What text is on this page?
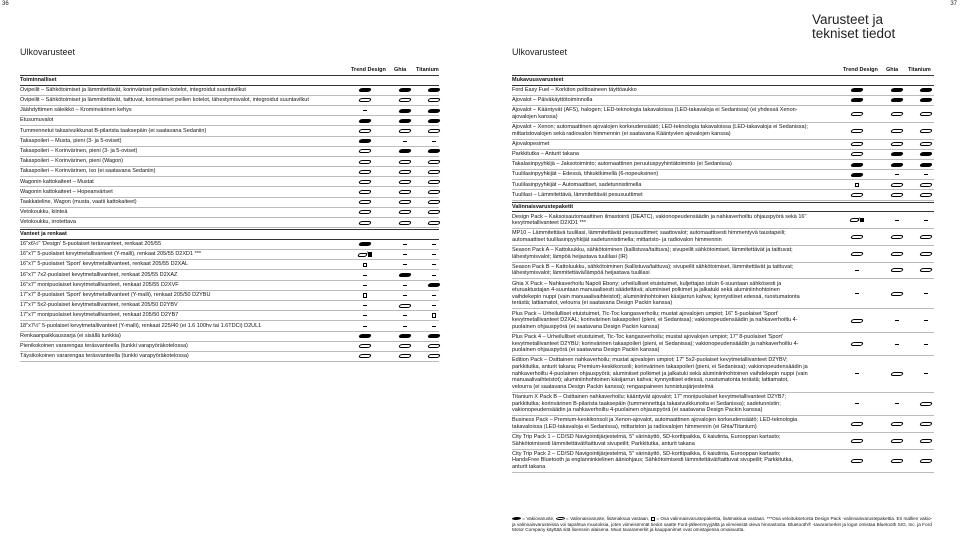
36	37
Varusteet ja tekniset tiedot
Ulkovarusteet	Ulkovarusteet
Trend Design Ghia Titanium
Toiminnalliset
Ovipeilit – Sähkötoimiset ja lämmitettävät, korinväriset peilien kotelot, integroidut suuntavilkut
Ovipeilit – Sähkötoimiset ja lämmitettävät, taittuvat, korinväriset peilien kotelot, lähestymisvalot, integroidut suuntavilkut
Jäähdyttimen säleikkö – Krominvärinen kehys
Etusumuvalot
Tummennetut takasivuikkunat B-pilarista taaksepäin (ei saatavana Sedaniin)
Takaspoileri – Musta, pieni (3- ja 5-oviset)
Takaspoileri – Korinvärinen, pieni (3- ja 5-oviset)
Takaspoileri – Korinvärinen, pieni (Wagon)
Takaspoileri – Korinvärinen, iso (ei saatavana Sedaniin)
Wagonin kattokaiteet – Mustat
Wagonin kattokaiteet – Hopeanväriset
Taakkateline, Wagon (musta, vaatii kattokaiteet)
Vetokoukku, kiinteä
Vetokoukku, irrotettava
Vanteet ja renkaat
16"x6½" 'Design' 5-puolaiset teräsvanteet, renkaat 205/55
16"x7" 5-puolaiset kevytmetallivanteet (Y-malli), renkaat 205/55 D2XD1 ***
16"x7" 5-puolaiset 'Sport' kevytmetallivanteet, renkaat 205/55 D2XAL
16"x7" 7x2-puolaiset kevytmetallivanteet, renkaat 205/55 D2XAZ
16"x7" monipuolaiset kevytmetallivanteet, renkaat 205/55 D2XVF
17"x7" 8-puolaiset 'Sport' kevytmetallivanteet (Y-malli), renkaat 205/50 D2YBU
17"x7" 5x2-puolaiset kevytmetallivanteet, renkaat 205/50 D2YBV
17"x7" monipuolaiset kevytmetallivanteet, renkaat 205/50 D2YB7
18"x7½" 5-puolaiset kevytmetallivanteet (Y-malli), renkaat 225/40 (ei 1.6 100hv tai 1.6TDCi) D2UL1
Renkaanpaikkaussarja (ei sisällä tunkkia)
Pienikokoinen vararengas teräsvanteella (tunkki varapyöräkotelossa)
Täysikokoinen vararengas teräsvanteella (tunkki varapyöräkotelossa)
Trend Design Ghia Titanium
Mukavuusvarusteet
Ford Easy Fuel – Korkiton polttoaineen täyttöaukko
Ajovalot – Päiväkäyttötoiminnolla
Ajovalot – Kääntyvät (AFS), halogen; LED-teknologia takavaloissa (LED-takavaloja ei Sedanissa) (ei yhdessä Xenon-ajovalojen kanssa)
Ajovalot – Xenon; automaattinen ajovalojen korkeudensäätö; LED-teknologia takavaloissa (LED-takavaloja ei Sedanissa); mittaristovalojen sekä radiovalon himmennin (ei saatavana Kääntyvien ajovalojen kanssa)
Ajovalopesimet
Parkkitutka – Anturit takana
Takalasinpyyhkijä – Jaksotoiminto; automaattinen peruutuspyyhintätoiminto (ei Sedanissa)
Tuulilasinpyyhkijät – Edessä, tihkuktkimellä (6-nopeuksinen)
Tuulilasinpyyhkijät – Automaattiset, sadetunnistimella
Tuulilasi – Lämmitettävä, lämmitettävät pesusuuttimet
Valinnaisvarustepaketit
Design Pack – Kaksoisautomaattinen ilmastointi (DEATC), vakionopeudensäädin ja nahkaverhoiltu ohjauspyörä sekä 16" kevytmetallivanteet D2XD1 ***
MP10 – Lämmitettävä tuulilasi, lämmitettävät pesusuuttimet; saattovalot; automaattisesti himmentyvä taustapeili; automaattiset tuulilasinpyyhkijät sadetunnistimella; mittaristo- ja radiovalon himmennin
Season Pack A – Kattoluukku, sähkötoiminen (kallistuva/taittuva); sivupeilit sähkötoimiset, lämmitettävät ja taittuvat; lähestymisvalot; lämpöä heijastava tuulilasi (IR)
Season Pack B – Kattoluukku, sähkötoiminen (kallistuva/taittuva); sivupeilit sähkötoimiset, lämmitettävät ja taittuvat; lähestymisvalot; lämmitettävä/lämpöä heijastava tuulilasi
Ghia X Pack – Nahkaverhoilu Napoli Ebony; urheilulliset etuistuimet, kuljettajan istuin 6-suuntaan sähkösesti ja eturuaktustajan 4-suuntaan manuaalisesti säädettävä; aluminiset polkimet ja jalkatuki sekä aluminiinhohtoinen vaihdekepin nuppi (vain manuaalivaihteistot); aluminiinhohtoinen käsijarrun kahva; kynnystiiset edessä, ruostumatonta terästä; lattiamatot, velourra (ei saatavana Design Packin kanssa)
Plus Pack – Urheilulliset etuistuimet, Tic-Toc kangasverhoilu; mustat ajovalojen umpiot; 16" 5-puolaiset 'Sport' kevytmetallivanteet D2XAL; korinvärinen takaspoileri (pieni, ei Sedanissa); vakionopeudensäädin ja nahkaverhoiltu 4-puolainen ohjauspyörä (ei saatavana Design Packin kanssa)
Plus Pack 4 – Urheilulliset etuistuimet, Tic-Toc kangasverhoilu; mustat ajovalojen umpiot; 17" 8-puolaiset 'Sport' kevytmetallivanteet D2YBU; korinvärinen takaspoileri (pieni, ei Sedanissa); vakionopeudensäädin ja nahkaverhoiltu 4-puolainen ohjauspyörä (ei saatavana Design Packin kanssa)
Edition Pack – Osittainen nahkaverhoilu; mustat ajovalojen umpiot; 17" 5x2-puolaiset kevytmetallivanteet D2YBV; parkkitutka, anturit takana; Premium-keskikonsoli; korinvärinen takaspoileri (pieni, ei Sedanissa); vakionopeudensäädin ja nahkaverhoiltu 4-puolainen ohjauspyörä; aluminiiset polkimet ja jalkatuki sekä aluminiinhohtoinen vaihdekepin nuppi (vain manuaalivaihteistot); aluminiinhohtoinen käsijarrun kahva; kynnystiiset edessä, ruostumatonta terästä; lattiamatot, velourra (ei saatavana Design Packin kanssa); rengaspaineen tunnistusjärjestelmä
Titanium X Pack B – Osittainen nahkaverhoilu; kääntyvät ajovalot; 17" monipuolaiset kevytmetallivanteet D2YB7; parkkitutka; korinvärinen B-pilarista taaksepäin (tummennettuja takasivuikkunoita ei Sedanissa); sadetunnistin; vakionopeudensäädin ja nahkaverhoiltu 4-puolainen ohjauspyörä (ei saatavana Design Packin kanssa)
Business Pack – Premium-keskikonsoli ja Xenon-ajovalot, automaattinen ajovalojen korkeudensäätö; LED-teknologia takavaloissa (LED-takavaloja ei Sedanissa), mittariston ja radiovalojen himmennin (ei Ghia/Titanium)
City Trip Pack 1 – CD/SD Navigointijärjestelmä, 5" värinäyttö, SD-korttipaikka, 6 kaiutinta, Eurooppan kartasto; Sähkötoimisesti lämmitettävät/taittuvat sivupeilit; Parkkitutka, anturit takana
City Trip Pack 2 – CD/SD Navigointijärjestelmä, 5" värinäyttö, SD-korttipaikka, 6 kaiutinta, Eurooppan kartasto; HandsFree Bluetooth ja englanninkielinen ääniohjaus; Sähkötoimisesti lämmitettävät/taittuvat sivupeilit; Parkkitutka, anturit takana
= Vakiovaruste, = Valinnaisvaruste, lisämaksua vastaan, = Osa valinnaisvarustepakettia, lisämaksua vastaan. ***Osa veloituksetonta Design Pack -valinnaisvarustepakettia. Eri mallien vakio- ja valinnaisvarusteissa voi tapahtua muutoksia, joten viimeisimmät tiedot saatte Ford-jälleenmyyjältä ja viimeisistä oleva hinnastosta. Bluetooth® -tavaramerkin ja logot omistaa Bluetooth SIG, Inc. ja Ford Motor Company käyttää sitä lisenssin alaisena. Muut tavaramerkit ja kauppanimet ovat omistajiensa omaisuutta.
